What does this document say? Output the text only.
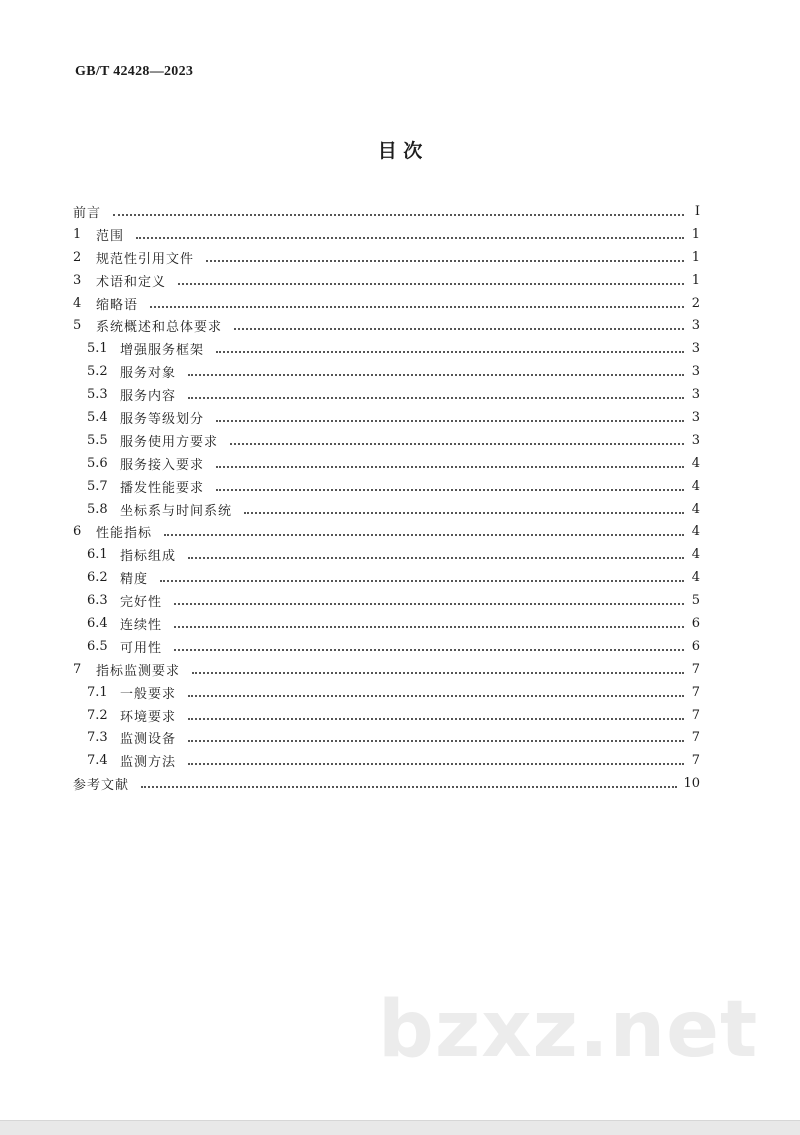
GB/T 42428—2023
目 次
前言	Ⅰ
1	范围	1
2	规范性引用文件	1
3	术语和定义	1
4	缩略语	2
5	系统概述和总体要求	3
5.1 增强服务框架	3
5.2 服务对象	3
5.3 服务内容	3
5.4 服务等级划分	3
5.5 服务使用方要求	3
5.6 服务接入要求	4
5.7 播发性能要求	4
5.8 坐标系与时间系统	4
6	性能指标	4
6.1 指标组成	4
6.2 精度	4
6.3 完好性	5
6.4 连续性	6
6.5 可用性	6
7	指标监测要求	7
7.1 一般要求	7
7.2 环境要求	7
7.3 监测设备	7
7.4 监测方法	7
参考文献	10
bzxz.net
